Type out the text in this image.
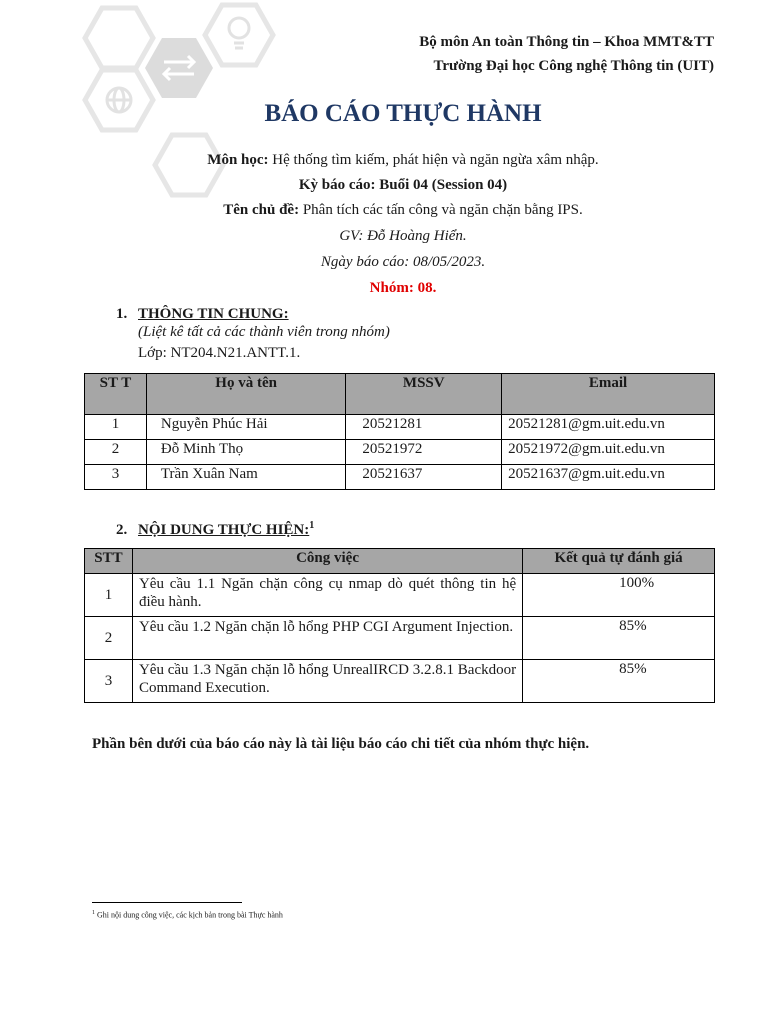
Bộ môn An toàn Thông tin – Khoa MMT&TT
Trường Đại học Công nghệ Thông tin (UIT)
BÁO CÁO THỰC HÀNH
Môn học: Hệ thống tìm kiếm, phát hiện và ngăn ngừa xâm nhập.
Kỳ báo cáo: Buổi 04 (Session 04)
Tên chủ đề: Phân tích các tấn công và ngăn chặn bằng IPS.
GV: Đỗ Hoàng Hiển.
Ngày báo cáo: 08/05/2023.
Nhóm: 08.
1. THÔNG TIN CHUNG:
(Liệt kê tất cả các thành viên trong nhóm)
Lớp: NT204.N21.ANTT.1.
ST T	Họ và tên	MSSV	Email
1	Nguyễn Phúc Hải	20521281	20521281@gm.uit.edu.vn
2	Đỗ Minh Thọ	20521972	20521972@gm.uit.edu.vn
3	Trần Xuân Nam	20521637	20521637@gm.uit.edu.vn
2. NỘI DUNG THỰC HIỆN:$^1$
STT	Công việc	Kết quả tự đánh giá
1	Yêu cầu 1.1 Ngăn chặn công cụ nmap dò quét thông tin hệ điều hành.	100%
2	Yêu cầu 1.2 Ngăn chặn lỗ hổng PHP CGI Argument Injection.	85%
3	Yêu cầu 1.3 Ngăn chặn lỗ hổng UnrealIRCD 3.2.8.1 Backdoor Command Execution.	85%
Phần bên dưới của báo cáo này là tài liệu báo cáo chi tiết của nhóm thực hiện.
$^1$ Ghi nội dung công việc, các kịch bản trong bài Thực hành
